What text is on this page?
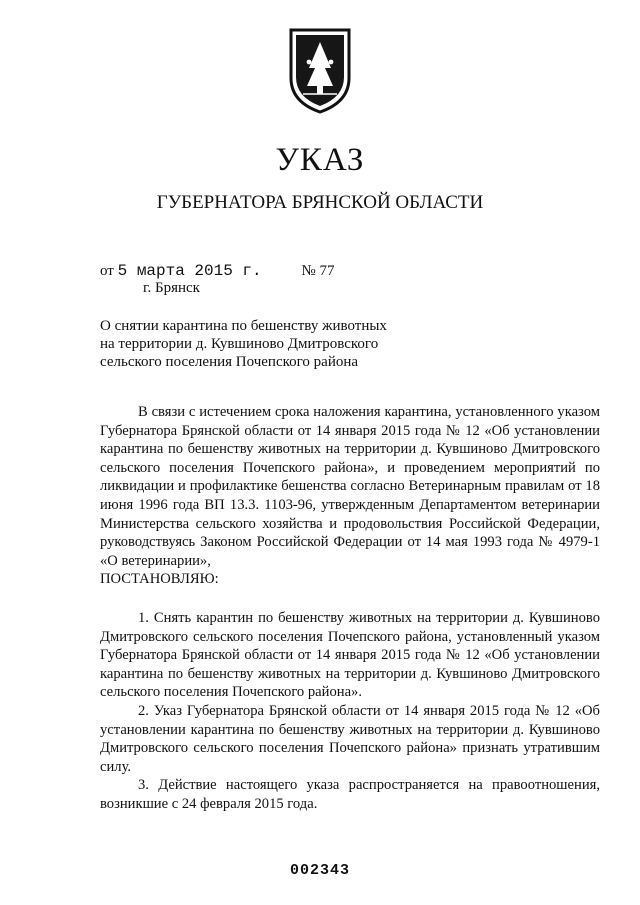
УКАЗ
ГУБЕРНАТОРА БРЯНСКОЙ ОБЛАСТИ
от 5 марта 2015 г.	№ 77
г. Брянск
О снятии карантина по бешенству животных
на территории д. Кувшиново Дмитровского
сельского поселения Почепского района

В связи с истечением срока наложения карантина, установленного указом Губернатора Брянской области от 14 января 2015 года № 12 «Об установлении карантина по бешенству животных на территории д. Кувшиново Дмитровского сельского поселения Почепского района», и проведением мероприятий по ликвидации и профилактике бешенства согласно Ветеринарным правилам от 18 июня 1996 года ВП 13.3. 1103-96, утвержденным Департаментом ветеринарии Министерства сельского хозяйства и продовольствия Российской Федерации, руководствуясь Законом Российской Федерации от 14 мая 1993 года № 4979-1 «О ветеринарии»,

ПОСТАНОВЛЯЮ:

1. Снять карантин по бешенству животных на территории д. Кувшиново Дмитровского сельского поселения Почепского района, установленный указом Губернатора Брянской области от 14 января 2015 года № 12 «Об установлении карантина по бешенству животных на территории д. Кувшиново Дмитровского сельского поселения Почепского района».

2. Указ Губернатора Брянской области от 14 января 2015 года № 12 «Об установлении карантина по бешенству животных на территории д. Кувшиново Дмитровского сельского поселения Почепского района» признать утратившим силу.

3. Действие настоящего указа распространяется на правоотношения, возникшие с 24 февраля 2015 года.

002343
